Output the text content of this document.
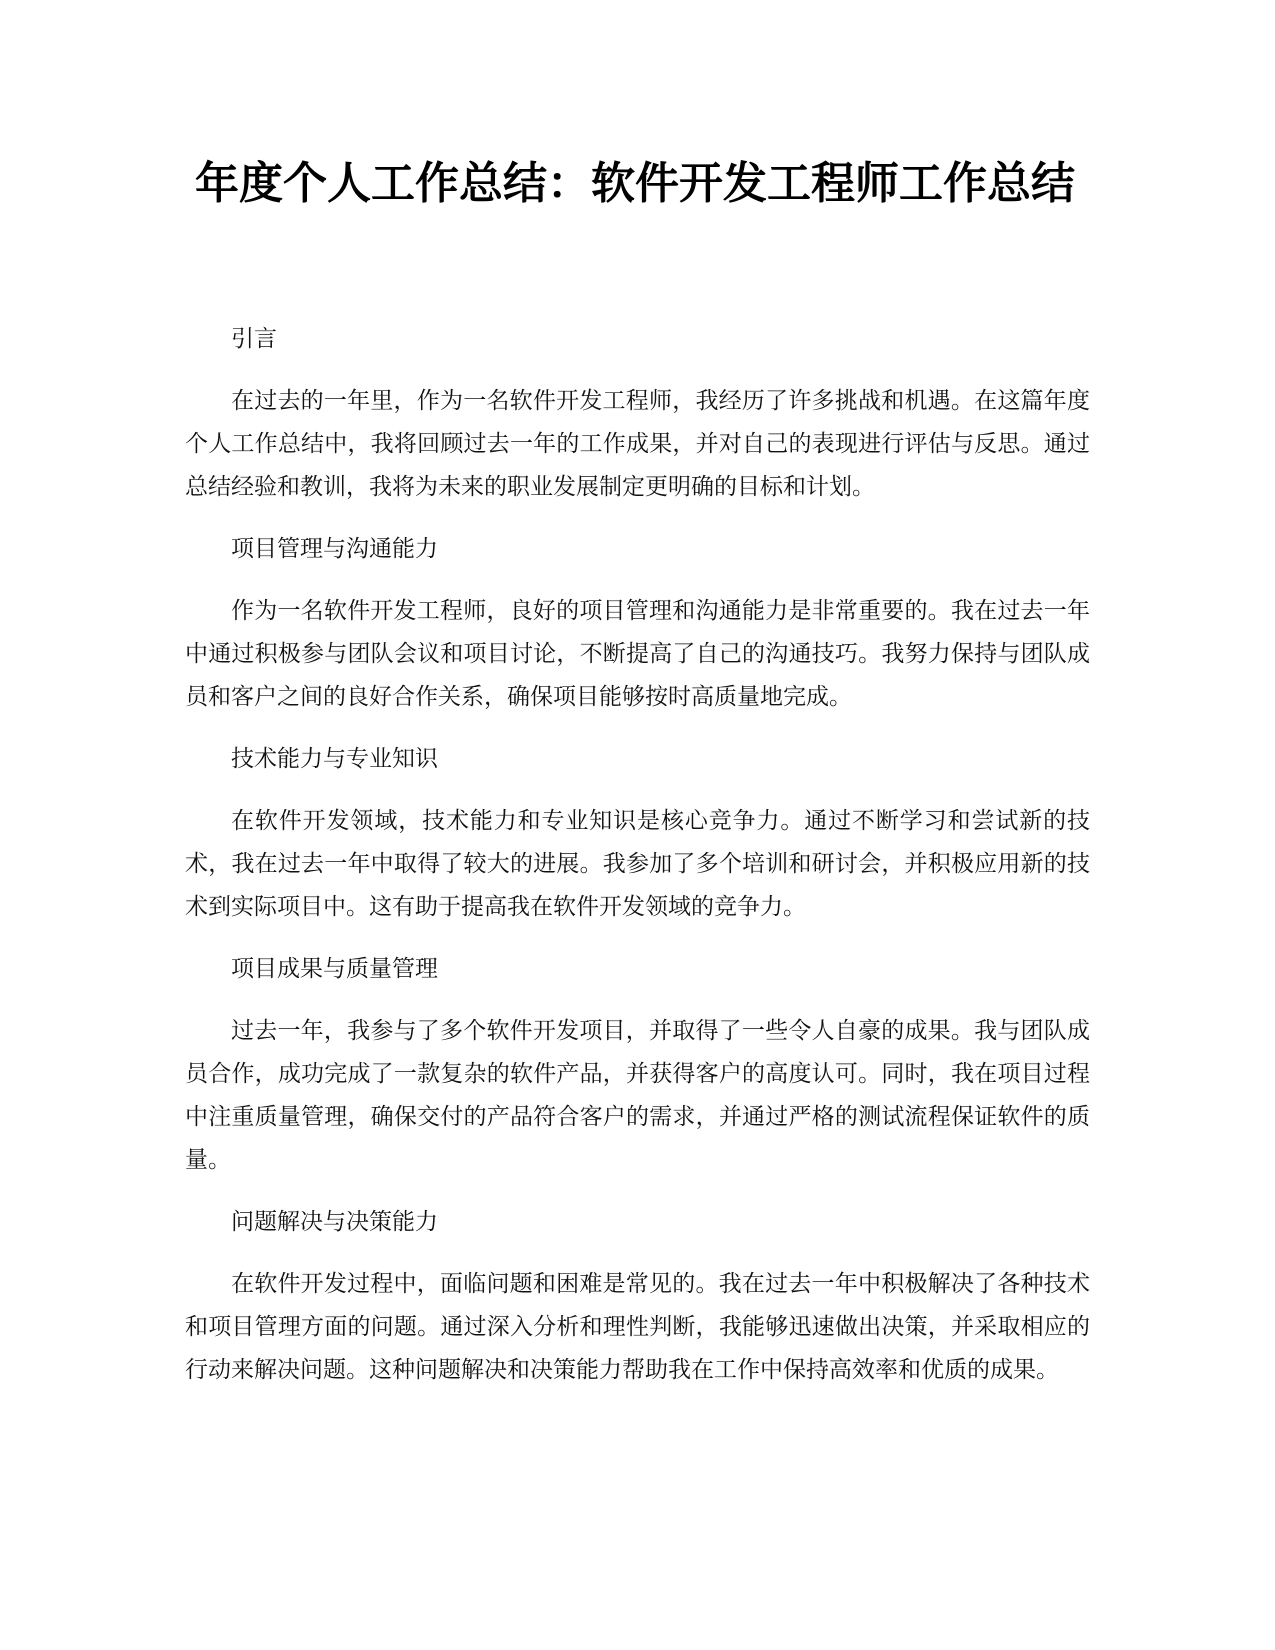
年度个人工作总结：软件开发工程师工作总结

引言

在过去的一年里，作为一名软件开发工程师，我经历了许多挑战和机遇。在这篇年度个人工作总结中，我将回顾过去一年的工作成果，并对自己的表现进行评估与反思。通过总结经验和教训，我将为未来的职业发展制定更明确的目标和计划。

项目管理与沟通能力

作为一名软件开发工程师，良好的项目管理和沟通能力是非常重要的。我在过去一年中通过积极参与团队会议和项目讨论，不断提高了自己的沟通技巧。我努力保持与团队成员和客户之间的良好合作关系，确保项目能够按时高质量地完成。

技术能力与专业知识

在软件开发领域，技术能力和专业知识是核心竞争力。通过不断学习和尝试新的技术，我在过去一年中取得了较大的进展。我参加了多个培训和研讨会，并积极应用新的技术到实际项目中。这有助于提高我在软件开发领域的竞争力。

项目成果与质量管理

过去一年，我参与了多个软件开发项目，并取得了一些令人自豪的成果。我与团队成员合作，成功完成了一款复杂的软件产品，并获得客户的高度认可。同时，我在项目过程中注重质量管理，确保交付的产品符合客户的需求，并通过严格的测试流程保证软件的质量。

问题解决与决策能力

在软件开发过程中，面临问题和困难是常见的。我在过去一年中积极解决了各种技术和项目管理方面的问题。通过深入分析和理性判断，我能够迅速做出决策，并采取相应的行动来解决问题。这种问题解决和决策能力帮助我在工作中保持高效率和优质的成果。
